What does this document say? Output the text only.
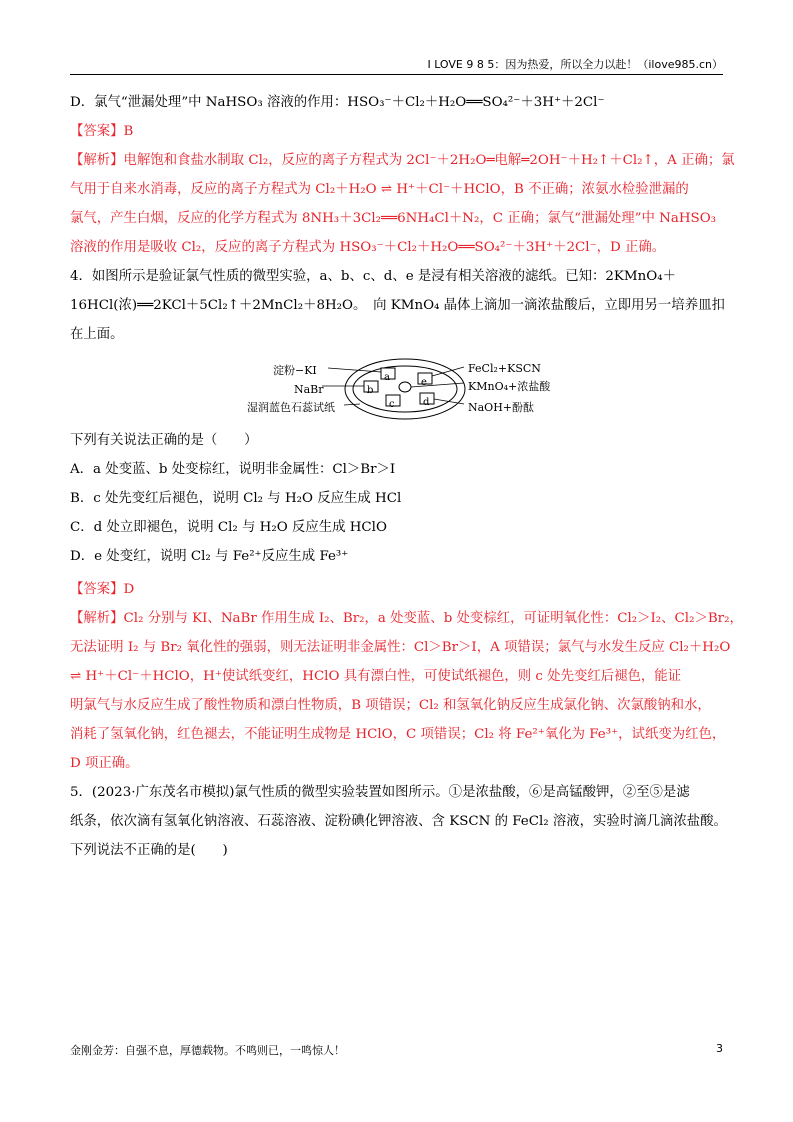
I LOVE 9 8 5：因为热爱，所以全力以赴！（ilove985.cn）

D．氯气“泄漏处理”中 NaHSO₃ 溶液的作用：HSO₃⁻＋Cl₂＋H₂O══SO₄²⁻＋3H⁺＋2Cl⁻

【答案】B

【解析】电解饱和食盐水制取 Cl₂，反应的离子方程式为 2Cl⁻＋2H₂O═电解═2OH⁻＋H₂↑＋Cl₂↑，A 正确；氯

气用于自来水消毒，反应的离子方程式为 Cl₂＋H₂O ⇌ H⁺＋Cl⁻＋HClO，B 不正确；浓氨水检验泄漏的

氯气，产生白烟，反应的化学方程式为 8NH₃＋3Cl₂══6NH₄Cl＋N₂，C 正确；氯气“泄漏处理”中 NaHSO₃

溶液的作用是吸收 Cl₂，反应的离子方程式为 HSO₃⁻＋Cl₂＋H₂O══SO₄²⁻＋3H⁺＋2Cl⁻，D 正确。

4．如图所示是验证氯气性质的微型实验，a、b、c、d、e 是浸有相关溶液的滤纸。已知：2KMnO₄＋

16HCl(浓)══2KCl＋5Cl₂↑＋2MnCl₂＋8H₂O。　向 KMnO₄ 晶体上滴加一滴浓盐酸后，立即用另一培养皿扣

在上面。

淀粉−KI
NaBr
湿润蓝色石蕊试纸
FeCl₂+KSCN
KMnO₄+浓盐酸
NaOH+酚酞
a
b
c	d
e

下列有关说法正确的是（　　）

A．a 处变蓝、b 处变棕红，说明非金属性：Cl＞Br＞I

B．c 处先变红后褪色，说明 Cl₂ 与 H₂O 反应生成 HCl

C．d 处立即褪色，说明 Cl₂ 与 H₂O 反应生成 HClO

D．e 处变红，说明 Cl₂ 与 Fe²⁺反应生成 Fe³⁺

【答案】D

【解析】Cl₂ 分别与 KI、NaBr 作用生成 I₂、Br₂，a 处变蓝、b 处变棕红，可证明氧化性：Cl₂＞I₂、Cl₂＞Br₂，

无法证明 I₂ 与 Br₂ 氧化性的强弱，则无法证明非金属性：Cl＞Br＞I，A 项错误；氯气与水发生反应 Cl₂＋H₂O

⇌ H⁺＋Cl⁻＋HClO，H⁺使试纸变红，HClO 具有漂白性，可使试纸褪色，则 c 处先变红后褪色，能证

明氯气与水反应生成了酸性物质和漂白性物质，B 项错误；Cl₂ 和氢氧化钠反应生成氯化钠、次氯酸钠和水，

消耗了氢氧化钠，红色褪去，不能证明生成物是 HClO，C 项错误；Cl₂ 将 Fe²⁺氧化为 Fe³⁺，试纸变为红色，

D 项正确。

5．(2023·广东茂名市模拟)氯气性质的微型实验装置如图所示。①是浓盐酸，⑥是高锰酸钾，②至⑤是滤

纸条，依次滴有氢氧化钠溶液、石蕊溶液、淀粉碘化钾溶液、含 KSCN 的 FeCl₂ 溶液，实验时滴几滴浓盐酸。

下列说法不正确的是(　　)

金刚金芳：自强不息，厚德载物。不鸣则已，一鸣惊人！	3
